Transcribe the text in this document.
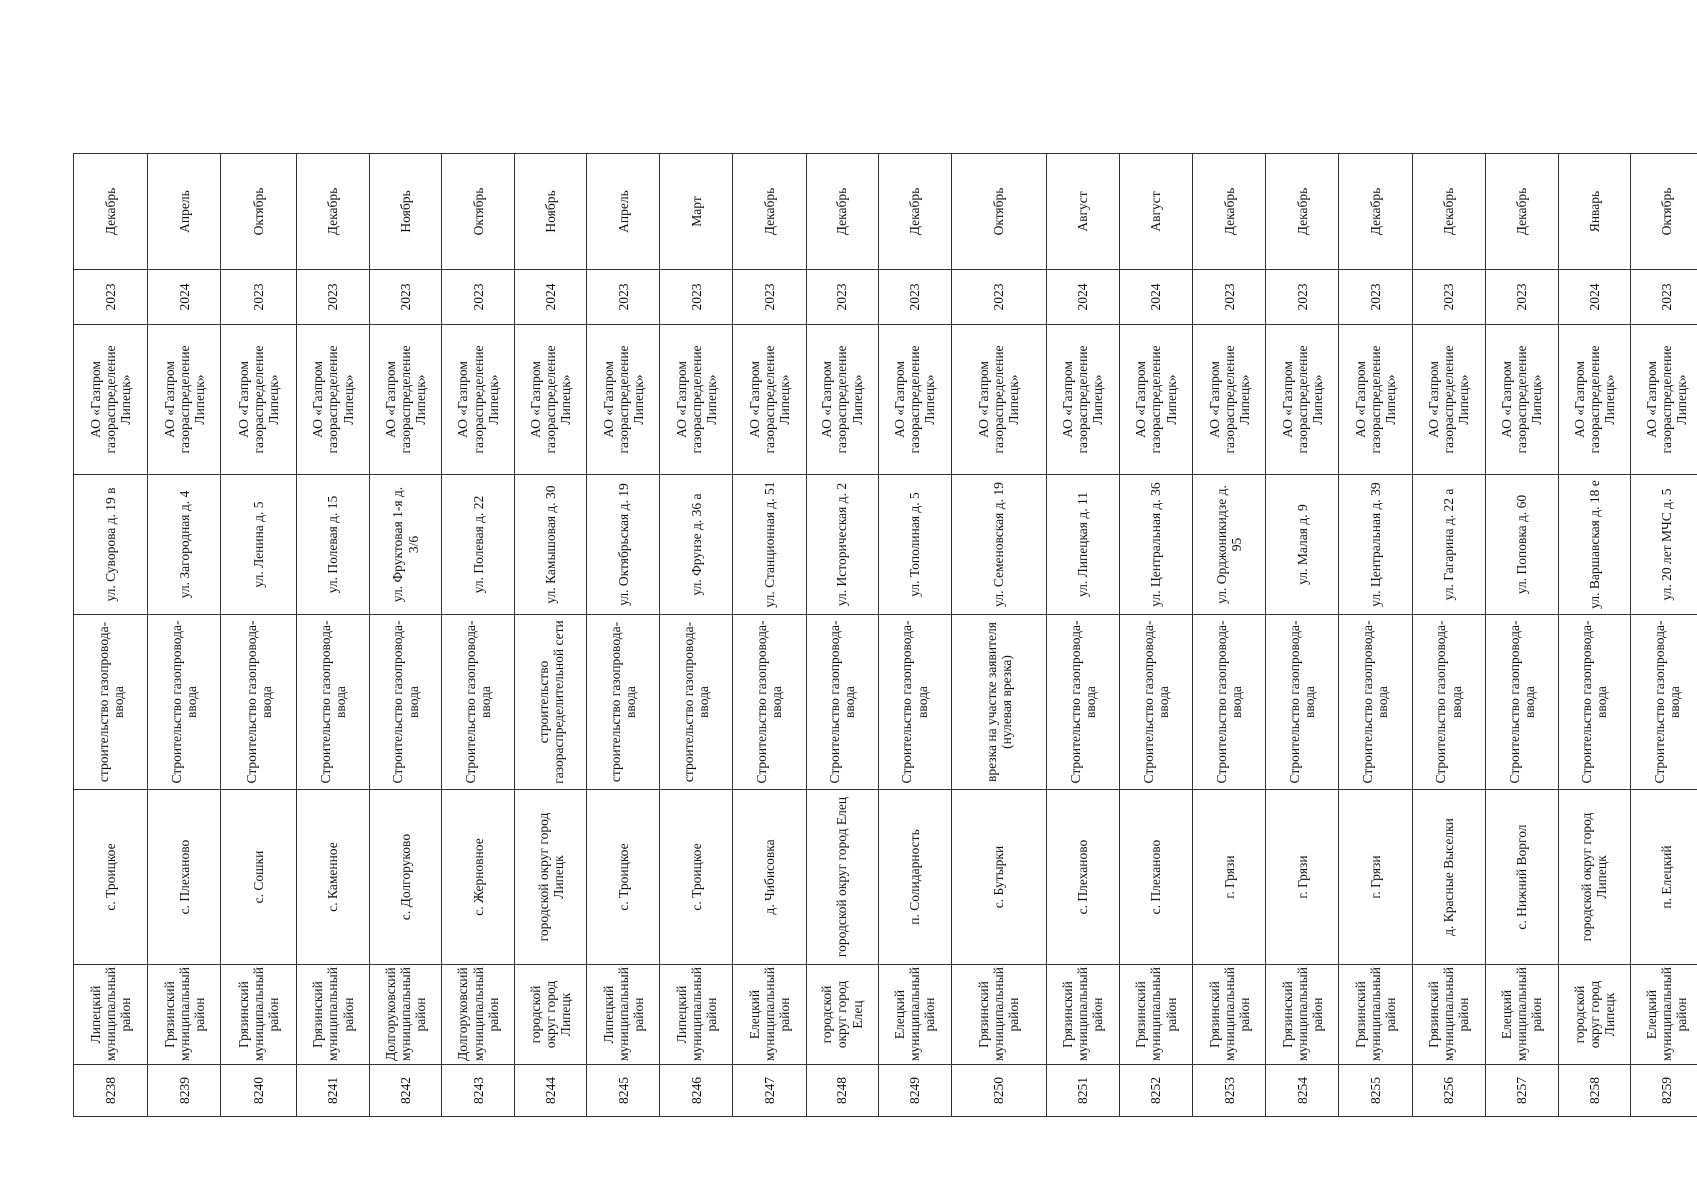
8238	Липецкий муниципальный район	с. Троицкое	строительство газопровода-ввода	ул. Суворова д. 19 в	АО «Газпром газораспределение Липецк»	2023	Декабрь
8239	Грязинский муниципальный район	с. Плеханово	Строительство газопровода-ввода	ул. Загородная д. 4	АО «Газпром газораспределение Липецк»	2024	Апрель
8240	Грязинский муниципальный район	с. Сошки	Строительство газопровода-ввода	ул. Ленина д. 5	АО «Газпром газораспределение Липецк»	2023	Октябрь
8241	Грязинский муниципальный район	с. Каменное	Строительство газопровода-ввода	ул. Полевая д. 15	АО «Газпром газораспределение Липецк»	2023	Декабрь
8242	Долгоруковский муниципальный район	с. Долгоруково	Строительство газопровода-ввода	ул. Фруктовая 1-я д. 3/6	АО «Газпром газораспределение Липецк»	2023	Ноябрь
8243	Долгоруковский муниципальный район	с. Жерновное	Строительство газопровода-ввода	ул. Полевая д. 22	АО «Газпром газораспределение Липецк»	2023	Октябрь
8244	городской округ город Липецк	городской округ город Липецк	строительство газораспределительной сети	ул. Камышовая д. 30	АО «Газпром газораспределение Липецк»	2024	Ноябрь
8245	Липецкий муниципальный район	с. Троицкое	строительство газопровода-ввода	ул. Октябрьская д. 19	АО «Газпром газораспределение Липецк»	2023	Апрель
8246	Липецкий муниципальный район	с. Троицкое	строительство газопровода-ввода	ул. Фрунзе д. 36 а	АО «Газпром газораспределение Липецк»	2023	Март
8247	Елецкий муниципальный район	д. Чибисовка	Строительство газопровода-ввода	ул. Станционная д. 51	АО «Газпром газораспределение Липецк»	2023	Декабрь
8248	городской округ город Елец	городской округ город Елец	Строительство газопровода-ввода	ул. Историческая д. 2	АО «Газпром газораспределение Липецк»	2023	Декабрь
8249	Елецкий муниципальный район	п. Солидарность	Строительство газопровода-ввода	ул. Тополиная д. 5	АО «Газпром газораспределение Липецк»	2023	Декабрь
8250	Грязинский муниципальный район	с. Бутырки	врезка на участке заявителя (нулевая врезка)	ул. Семеновская д. 19	АО «Газпром газораспределение Липецк»	2023	Октябрь
8251	Грязинский муниципальный район	с. Плеханово	Строительство газопровода-ввода	ул. Липецкая д. 11	АО «Газпром газораспределение Липецк»	2024	Август
8252	Грязинский муниципальный район	с. Плеханово	Строительство газопровода-ввода	ул. Центральная д. 36	АО «Газпром газораспределение Липецк»	2024	Август
8253	Грязинский муниципальный район	г. Грязи	Строительство газопровода-ввода	ул. Орджоникидзе д. 95	АО «Газпром газораспределение Липецк»	2023	Декабрь
8254	Грязинский муниципальный район	г. Грязи	Строительство газопровода-ввода	ул. Малая д. 9	АО «Газпром газораспределение Липецк»	2023	Декабрь
8255	Грязинский муниципальный район	г. Грязи	Строительство газопровода-ввода	ул. Центральная д. 39	АО «Газпром газораспределение Липецк»	2023	Декабрь
8256	Грязинский муниципальный район	д. Красные Выселки	Строительство газопровода-ввода	ул. Гагарина д. 22 а	АО «Газпром газораспределение Липецк»	2023	Декабрь
8257	Елецкий муниципальный район	с. Нижний Воргол	Строительство газопровода-ввода	ул. Поповка д. 60	АО «Газпром газораспределение Липецк»	2023	Декабрь
8258	городской округ город Липецк	городской округ город Липецк	Строительство газопровода-ввода	ул. Варшавская д. 18 е	АО «Газпром газораспределение Липецк»	2024	Январь
8259	Елецкий муниципальный район	п. Елецкий	Строительство газопровода-ввода	ул. 20 лет МЧС д. 5	АО «Газпром газораспределение Липецк»	2023	Октябрь
